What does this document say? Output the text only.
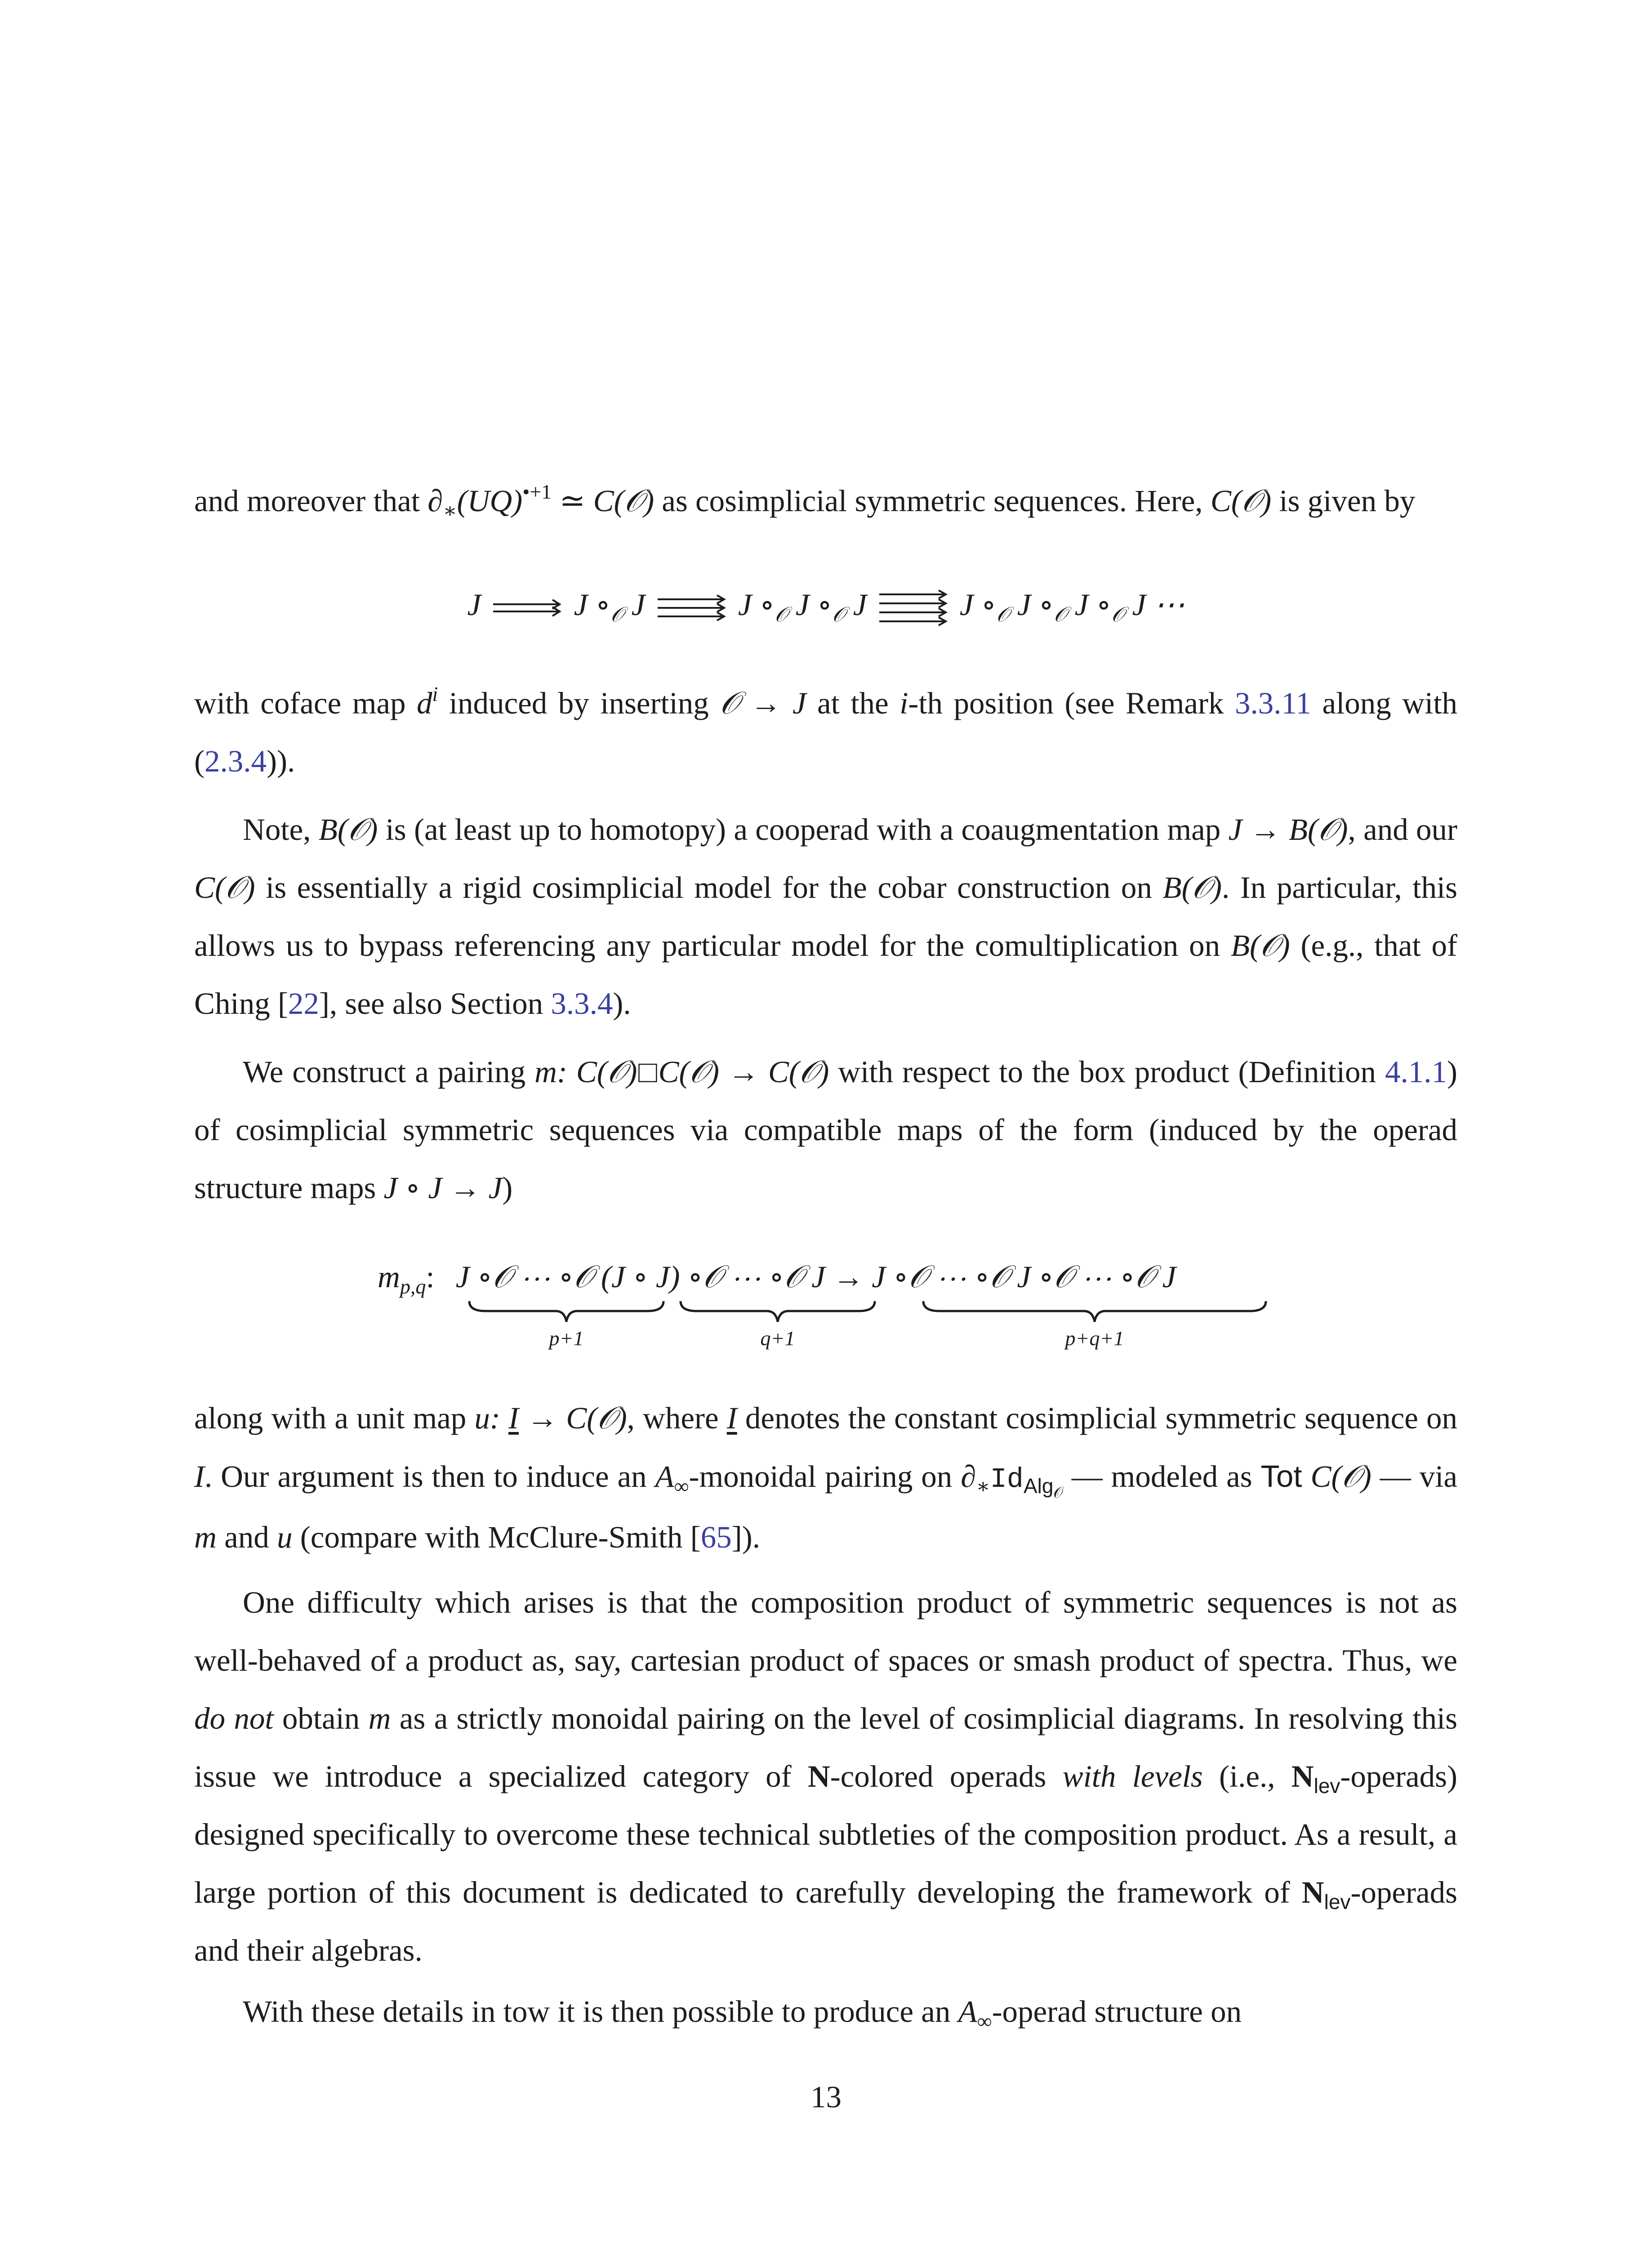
and moreover that $\partial_∗(UQ)^{•+1}$ ≃ C(𝒪) as cosimplicial symmetric sequences. Here, C(𝒪) is given by

J	J $\circ_𝒪$ J	J $\circ_𝒪$ J $\circ_𝒪$ J	J $\circ_𝒪$ J $\circ_𝒪$ J $\circ_𝒪$ J ⋯

with coface map $d^i$ induced by inserting 𝒪 → J at the i-th position (see Remark 3.3.11 along with (2.3.4)).

Note, B(𝒪) is (at least up to homotopy) a cooperad with a coaugmentation map J → B(𝒪), and our C(𝒪) is essentially a rigid cosimplicial model for the cobar construction on B(𝒪). In particular, this allows us to bypass referencing any particular model for the comultiplication on B(𝒪) (e.g., that of Ching [22], see also Section 3.3.4).

We construct a pairing m: C(𝒪)□C(𝒪) → C(𝒪) with respect to the box product (Definition 4.1.1) of cosimplicial symmetric sequences via compatible maps of the form (induced by the operad structure maps J ∘ J → J)

$m_{p,q}$: J ∘𝒪 ⋯ ∘𝒪 (J ∘ J) ∘𝒪 ⋯ ∘𝒪 J → J ∘𝒪 ⋯ ∘𝒪 J ∘𝒪 ⋯ ∘𝒪 J
p+1	q+1	p+q+1

along with a unit map u: I → C(𝒪), where I denotes the constant cosimplicial symmetric sequence on I. Our argument is then to induce an $A_\infty$-monoidal pairing on $\partial_∗Id_{Alg𝒪}$ — modeled as Tot C(𝒪) — via m and u (compare with McClure-Smith [65]).

One difficulty which arises is that the composition product of symmetric sequences is not as well-behaved of a product as, say, cartesian product of spaces or smash product of spectra. Thus, we do not obtain m as a strictly monoidal pairing on the level of cosimplicial diagrams. In resolving this issue we introduce a specialized category of N-colored operads with levels (i.e., $N_{lev}-operads$) designed specifically to overcome these technical subtleties of the composition product. As a result, a large portion of this document is dedicated to carefully developing the framework of $N_{lev}$-operads and their algebras.

With these details in tow it is then possible to produce an $A_\infty$-operad structure on

13
